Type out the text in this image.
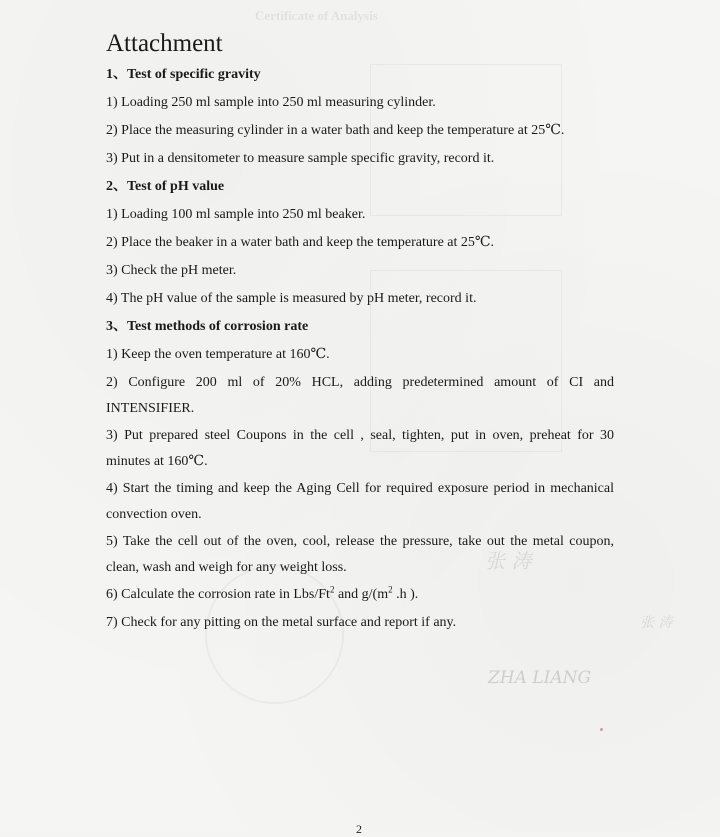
Certificate of Analysis
张 涛
张 涛
ZHA LIANG
Attachment
1、Test of specific gravity
1) Loading 250 ml sample into 250 ml measuring cylinder.
2) Place the measuring cylinder in a water bath and keep the temperature at 25℃.
3) Put in a densitometer to measure sample specific gravity, record it.
2、Test of pH value
1) Loading 100 ml sample into 250 ml beaker.
2) Place the beaker in a water bath and keep the temperature at 25℃.
3) Check the pH meter.
4) The pH value of the sample is measured by pH meter, record it.
3、Test methods of corrosion rate
1) Keep the oven temperature at 160℃.
2) Configure 200 ml of 20% HCL, adding predetermined amount of CI and INTENSIFIER.
3) Put prepared steel Coupons in the cell , seal, tighten, put in oven, preheat for 30 minutes at 160℃.
4) Start the timing and keep the Aging Cell for required exposure period in mechanical convection oven.
5) Take the cell out of the oven, cool, release the pressure, take out the metal coupon, clean, wash and weigh for any weight loss.
6) Calculate the corrosion rate in Lbs/Ft$^2$ and $g/(m^2$ .h ).
7) Check for any pitting on the metal surface and report if any.
2
